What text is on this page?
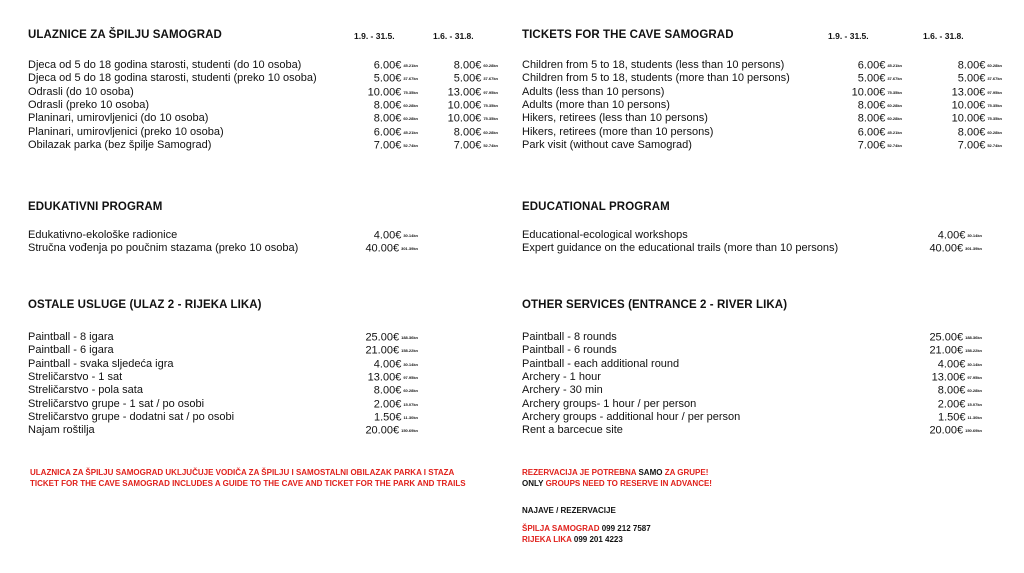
ULAZNICE ZA ŠPILJU SAMOGRAD	1.9. - 31.5.	1.6. - 31.8.
Djeca od 5 do 18 godina starosti, studenti (do 10 osoba)	6.00€ 45.21kn	8.00€ 60.28kn
Djeca od 5 do 18 godina starosti, studenti (preko 10 osoba)	5.00€ 37.67kn	5.00€ 37.67kn
Odrasli (do 10 osoba)	10.00€ 75.35kn	13.00€ 97.95kn
Odrasli (preko 10 osoba)	8.00€ 60.28kn	10.00€ 75.35kn
Planinari, umirovljenici (do 10 osoba)	8.00€ 60.28kn	10.00€ 75.35kn
Planinari, umirovljenici (preko 10 osoba)	6.00€ 45.21kn	8.00€ 60.28kn
Obilazak parka (bez špilje Samograd)	7.00€ 52.74kn	7.00€ 52.74kn
EDUKATIVNI PROGRAM
Edukativno-ekološke radionice	4.00€ 30.14kn
Stručna vođenja po poučnim stazama (preko 10 osoba)	40.00€ 301.39kn
OSTALE USLUGE (ULAZ 2 - RIJEKA LIKA)
Paintball - 8 igara	25.00€ 188.36kn
Paintball - 6 igara	21.00€ 158.22kn
Paintball - svaka sljedeća igra	4.00€ 30.14kn
Streličarstvo - 1 sat	13.00€ 97.95kn
Streličarstvo - pola sata	8.00€ 60.28kn
Streličarstvo grupe - 1 sat / po osobi	2.00€ 15.07kn
Streličarstvo grupe - dodatni sat / po osobi	1.50€ 11.30kn
Najam roštilja	20.00€ 150.69kn
ULAZNICA ZA ŠPILJU SAMOGRAD UKLJUČUJE VODIČA ZA ŠPILJU I SAMOSTALNI OBILAZAK PARKA I STAZA
TICKET FOR THE CAVE SAMOGRAD INCLUDES A GUIDE TO THE CAVE AND TICKET FOR THE PARK AND TRAILS
TICKETS FOR THE CAVE SAMOGRAD	1.9. - 31.5.	1.6. - 31.8.
Children from 5 to 18, students (less than 10 persons)	6.00€ 45.21kn	8.00€ 60.28kn
Children from 5 to 18, students (more than 10 persons)	5.00€ 37.67kn	5.00€ 37.67kn
Adults (less than 10 persons)	10.00€ 75.35kn	13.00€ 97.95kn
Adults (more than 10 persons)	8.00€ 60.28kn	10.00€ 75.35kn
Hikers, retirees (less than 10 persons)	8.00€ 60.28kn	10.00€ 75.35kn
Hikers, retirees (more than 10 persons)	6.00€ 45.21kn	8.00€ 60.28kn
Park visit (without cave Samograd)	7.00€ 52.74kn	7.00€ 52.74kn
EDUCATIONAL PROGRAM
Educational-ecological workshops	4.00€ 30.14kn
Expert guidance on the educational trails (more than 10 persons)	40.00€ 301.39kn
OTHER SERVICES (ENTRANCE 2 - RIVER LIKA)
Paintball - 8 rounds	25.00€ 188.36kn
Paintball - 6 rounds	21.00€ 158.22kn
Paintball - each additional round	4.00€ 30.14kn
Archery - 1 hour	13.00€ 97.95kn
Archery - 30 min	8.00€ 60.28kn
Archery groups- 1 hour / per person	2.00€ 15.07kn
Archery groups - additional hour / per person	1.50€ 11.30kn
Rent a barcecue site	20.00€ 150.69kn
REZERVACIJA JE POTREBNA SAMO ZA GRUPE!
ONLY GROUPS NEED TO RESERVE IN ADVANCE!
NAJAVE / REZERVACIJE
ŠPILJA SAMOGRAD 099 212 7587
RIJEKA LIKA 099 201 4223
